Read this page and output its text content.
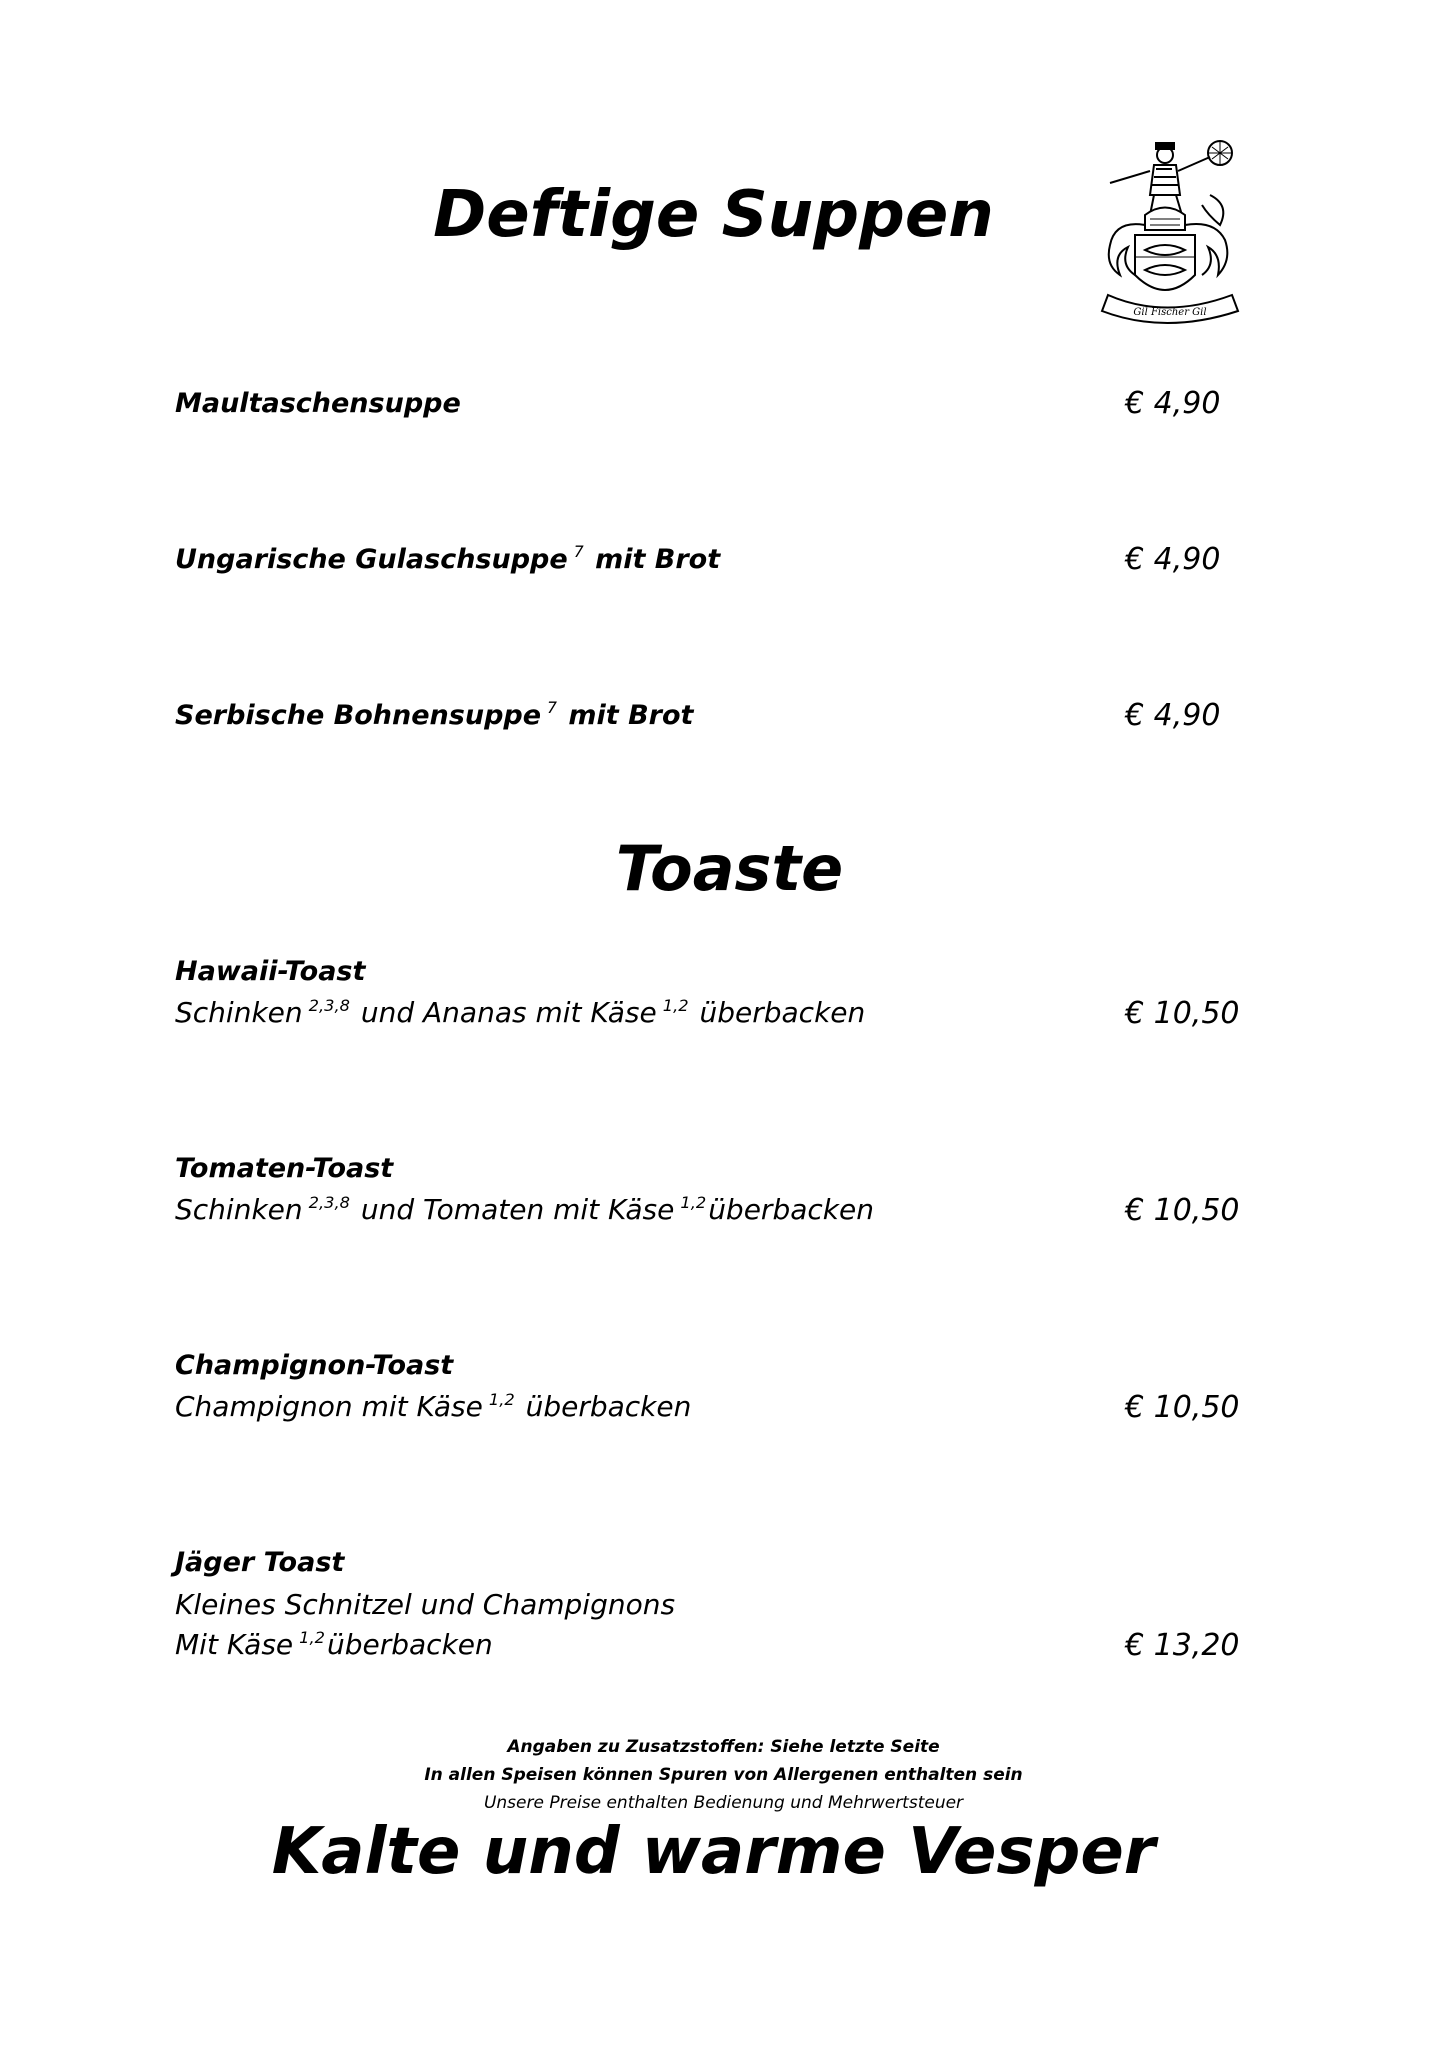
Gil Fischer Gil
Deftige Suppen
Maultaschensuppe	€ 4,90
Ungarische Gulaschsuppe $^7$ mit Brot	€ 4,90
Serbische Bohnensuppe $^7$ mit Brot	€ 4,90
Toaste
Hawaii-Toast
Schinken $^{2,3,8}$ und Ananas mit Käse $^{1,2}$ überbacken	€ 10,50
Tomaten-Toast
Schinken $^{2,3,8}$ und Tomaten mit Käse $^{1,2}$überbacken	€ 10,50
Champignon-Toast
Champignon mit Käse $^{1,2}$ überbacken	€ 10,50
Jäger Toast
Kleines Schnitzel und Champignons
Mit Käse $^{1,2}$überbacken	€ 13,20
Angaben zu Zusatzstoffen: Siehe letzte Seite
In allen Speisen können Spuren von Allergenen enthalten sein
Unsere Preise enthalten Bedienung und Mehrwertsteuer
Kalte und warme Vesper
